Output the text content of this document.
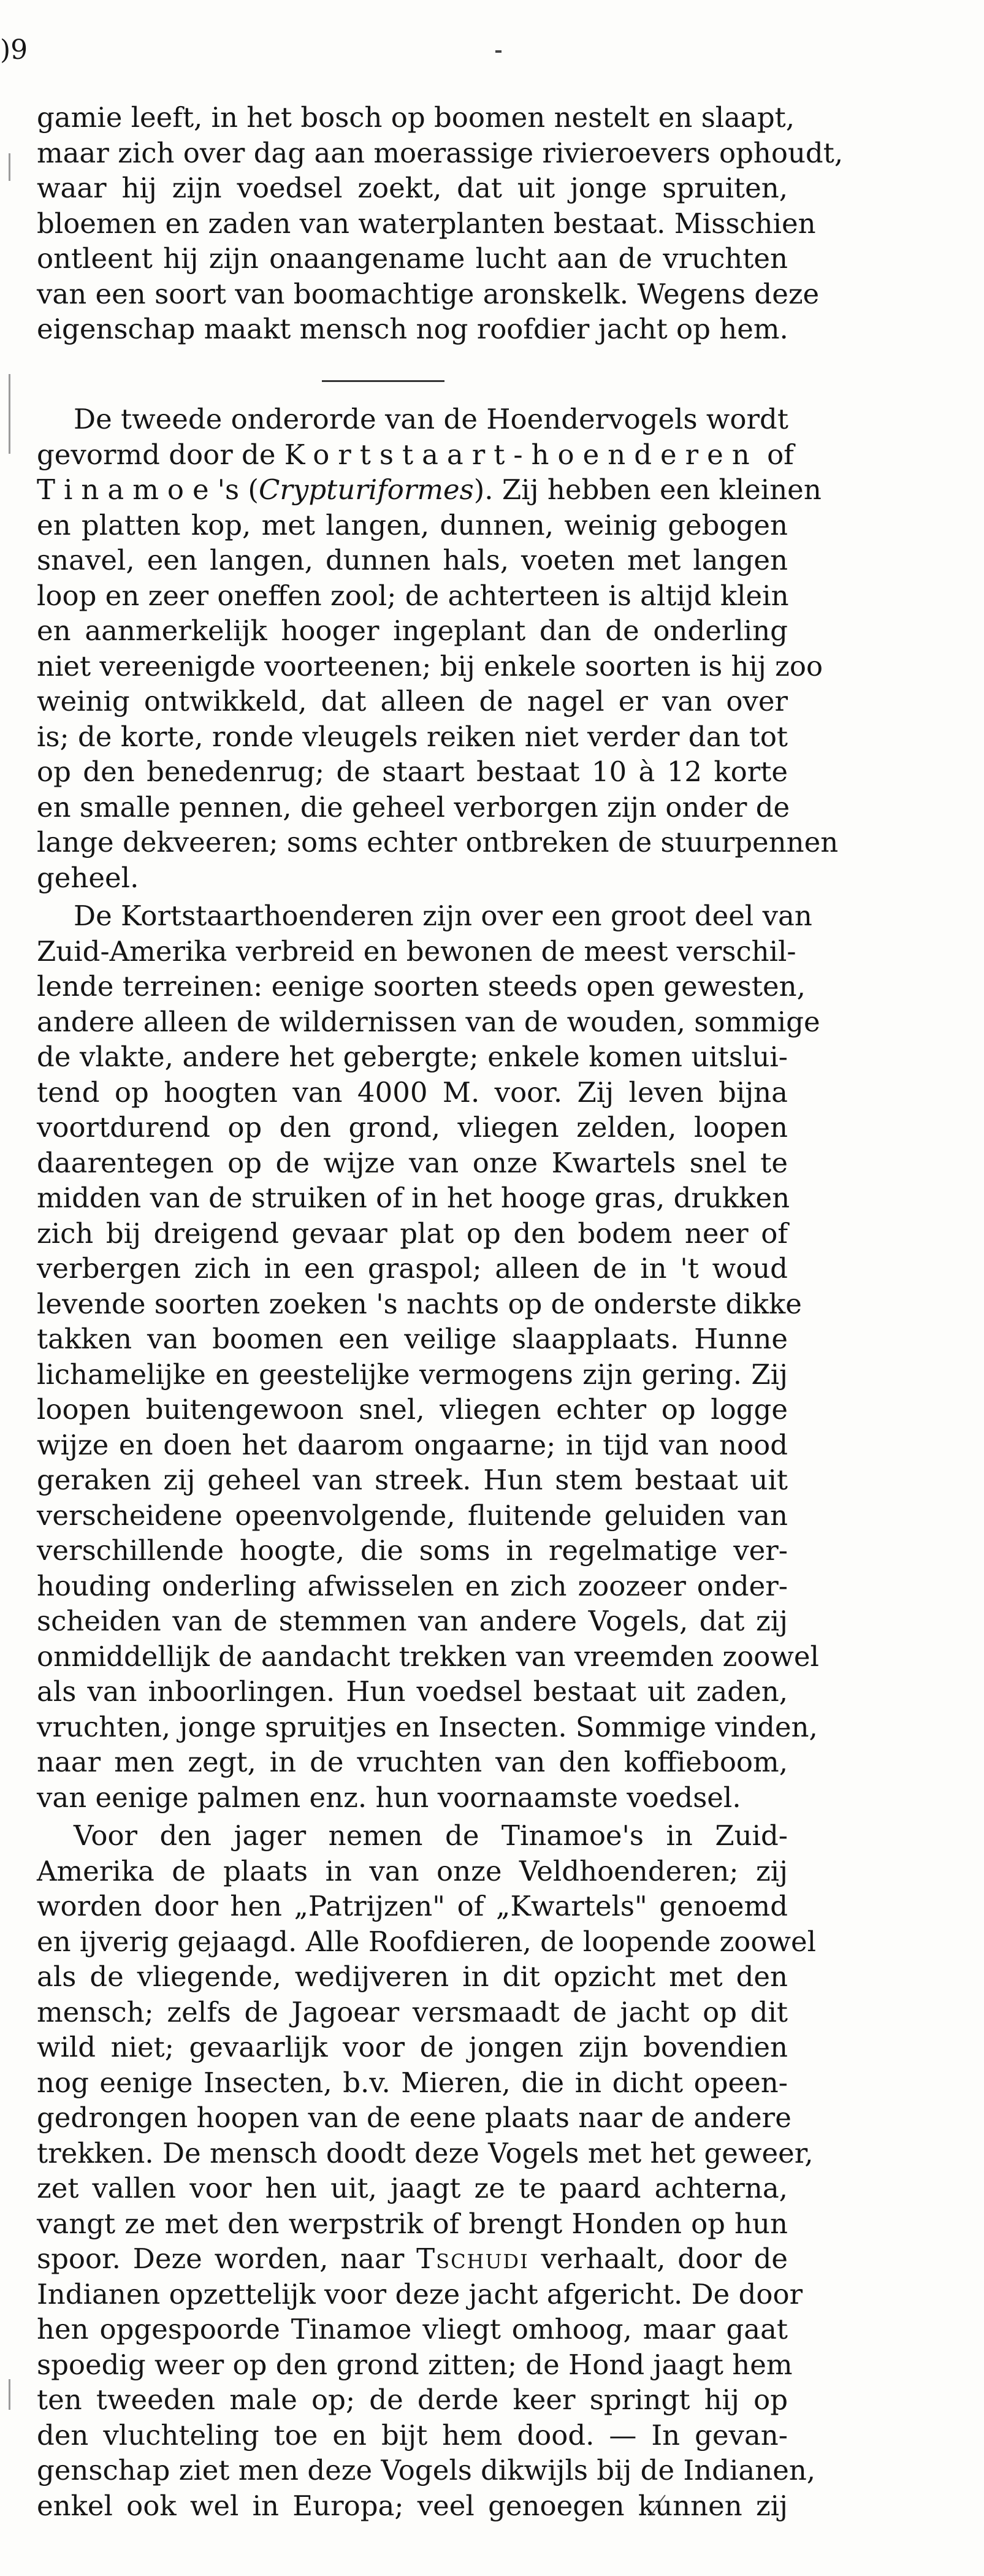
)9
gamie leeft, in het bosch op boomen nestelt en slaapt,
maar zich over dag aan moerassige rivieroevers ophoudt,
waar hij zijn voedsel zoekt, dat uit jonge spruiten,
bloemen en zaden van waterplanten bestaat. Misschien
ontleent hij zijn onaangename lucht aan de vruchten
van een soort van boomachtige aronskelk. Wegens deze
eigenschap maakt mensch nog roofdier jacht op hem.
De tweede onderorde van de Hoendervogels wordt
gevormd door de Kortstaart-hoenderen of
Tinamoe's (Crypturiformes). Zij hebben een kleinen
en platten kop, met langen, dunnen, weinig gebogen
snavel, een langen, dunnen hals, voeten met langen
loop en zeer oneffen zool; de achterteen is altijd klein
en aanmerkelijk hooger ingeplant dan de onderling
niet vereenigde voorteenen; bij enkele soorten is hij zoo
weinig ontwikkeld, dat alleen de nagel er van over
is; de korte, ronde vleugels reiken niet verder dan tot
op den benedenrug; de staart bestaat 10 à 12 korte
en smalle pennen, die geheel verborgen zijn onder de
lange dekveeren; soms echter ontbreken de stuurpennen
geheel.
De Kortstaarthoenderen zijn over een groot deel van
Zuid-Amerika verbreid en bewonen de meest verschil-
lende terreinen: eenige soorten steeds open gewesten,
andere alleen de wildernissen van de wouden, sommige
de vlakte, andere het gebergte; enkele komen uitslui-
tend op hoogten van 4000 M. voor. Zij leven bijna
voortdurend op den grond, vliegen zelden, loopen
daarentegen op de wijze van onze Kwartels snel te
midden van de struiken of in het hooge gras, drukken
zich bij dreigend gevaar plat op den bodem neer of
verbergen zich in een graspol; alleen de in 't woud
levende soorten zoeken 's nachts op de onderste dikke
takken van boomen een veilige slaapplaats. Hunne
lichamelijke en geestelijke vermogens zijn gering. Zij
loopen buitengewoon snel, vliegen echter op logge
wijze en doen het daarom ongaarne; in tijd van nood
geraken zij geheel van streek. Hun stem bestaat uit
verscheidene opeenvolgende, fluitende geluiden van
verschillende hoogte, die soms in regelmatige ver-
houding onderling afwisselen en zich zoozeer onder-
scheiden van de stemmen van andere Vogels, dat zij
onmiddellijk de aandacht trekken van vreemden zoowel
als van inboorlingen. Hun voedsel bestaat uit zaden,
vruchten, jonge spruitjes en Insecten. Sommige vinden,
naar men zegt, in de vruchten van den koffieboom,
van eenige palmen enz. hun voornaamste voedsel.
Voor den jager nemen de Tinamoe's in Zuid-
Amerika de plaats in van onze Veldhoenderen; zij
worden door hen „Patrijzen" of „Kwartels" genoemd
en ijverig gejaagd. Alle Roofdieren, de loopende zoowel
als de vliegende, wedijveren in dit opzicht met den
mensch; zelfs de Jagoear versmaadt de jacht op dit
wild niet; gevaarlijk voor de jongen zijn bovendien
nog eenige Insecten, b.v. Mieren, die in dicht opeen-
gedrongen hoopen van de eene plaats naar de andere
trekken. De mensch doodt deze Vogels met het geweer,
zet vallen voor hen uit, jaagt ze te paard achterna,
vangt ze met den werpstrik of brengt Honden op hun
spoor. Deze worden, naar Tschudi verhaalt, door de
Indianen opzettelijk voor deze jacht afgericht. De door
hen opgespoorde Tinamoe vliegt omhoog, maar gaat
spoedig weer op den grond zitten; de Hond jaagt hem
ten tweeden male op; de derde keer springt hij op
den vluchteling toe en bijt hem dood. — In gevan-
genschap ziet men deze Vogels dikwijls bij de Indianen,
enkel ook wel in Europa; veel genoegen kunnen zij
